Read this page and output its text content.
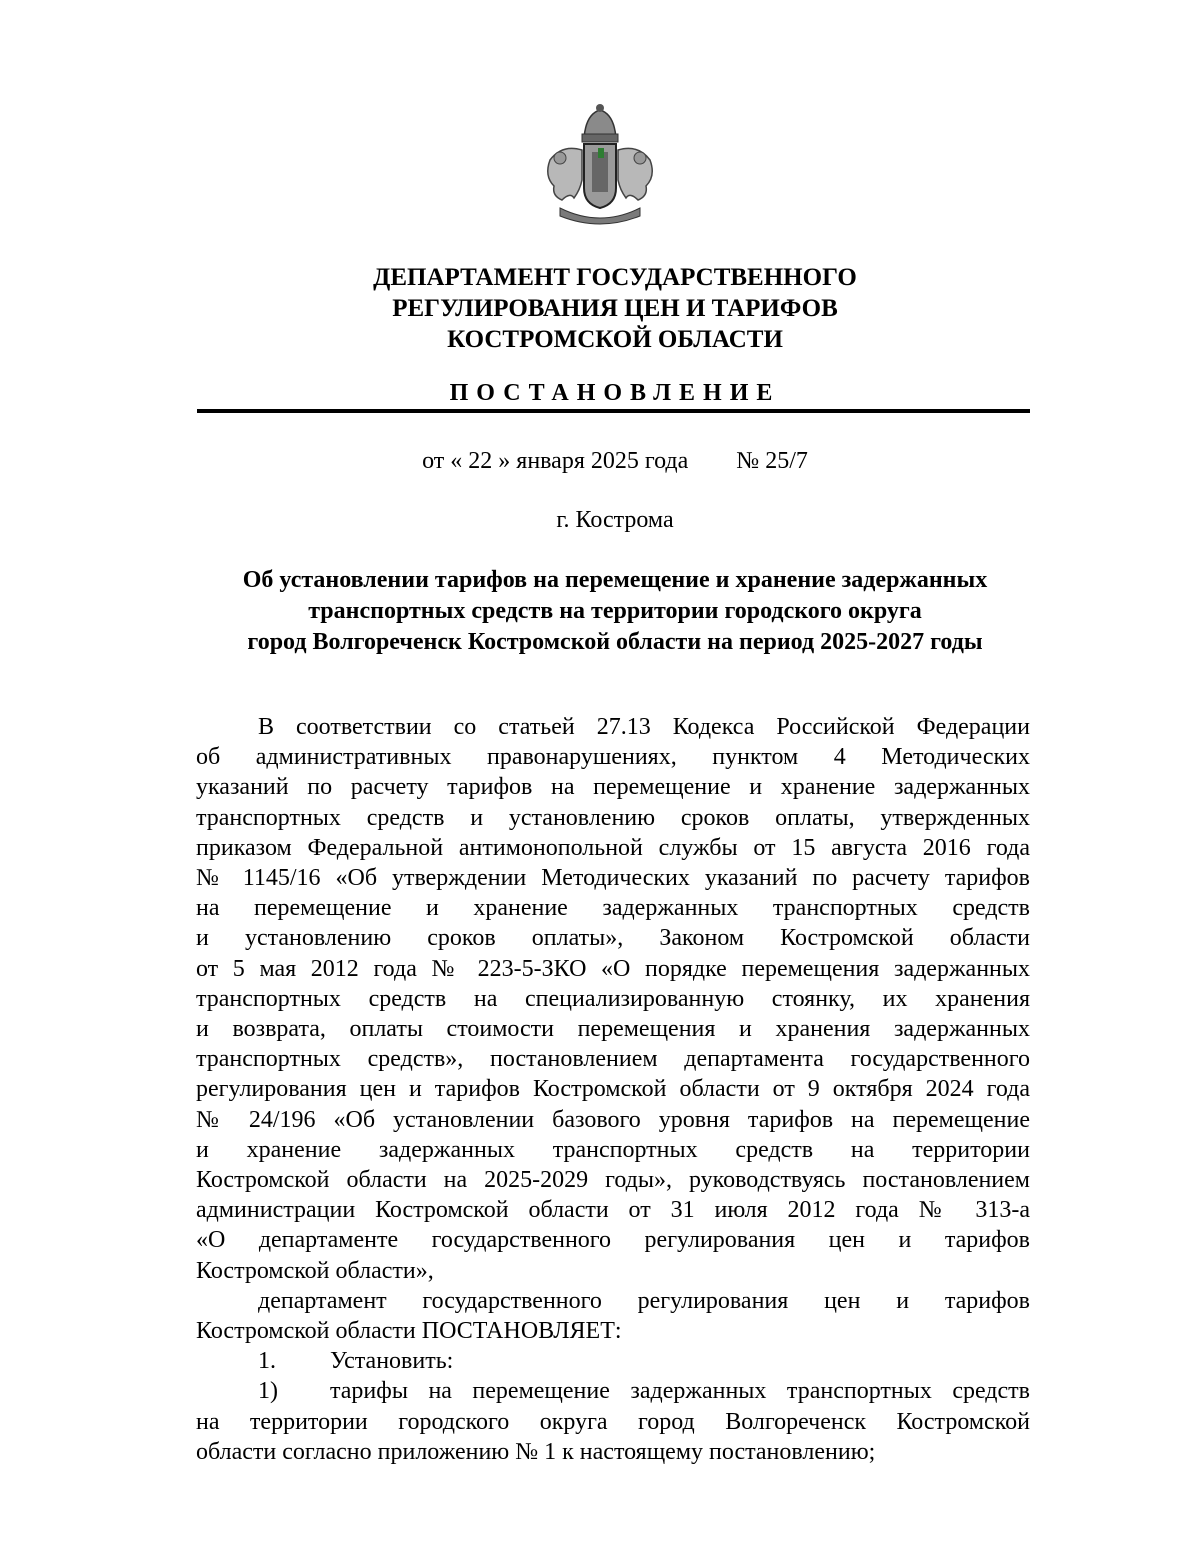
ДЕПАРТАМЕНТ ГОСУДАРСТВЕННОГО
РЕГУЛИРОВАНИЯ ЦЕН И ТАРИФОВ
КОСТРОМСКОЙ ОБЛАСТИ
ПОСТАНОВЛЕНИЕ
от « 22 » января 2025 года № 25/7
г. Кострома
Об установлении тарифов на перемещение и хранение задержанных
транспортных средств на территории городского округа
город Волгореченск Костромской области на период 2025-2027 годы
В соответствии со статьей 27.13 Кодекса Российской Федерации
об административных правонарушениях, пунктом 4 Методических
указаний по расчету тарифов на перемещение и хранение задержанных
транспортных средств и установлению сроков оплаты, утвержденных
приказом Федеральной антимонопольной службы от 15 августа 2016 года
№ 1145/16 «Об утверждении Методических указаний по расчету тарифов
на перемещение и хранение задержанных транспортных средств
и установлению сроков оплаты», Законом Костромской области
от 5 мая 2012 года № 223-5-ЗКО «О порядке перемещения задержанных
транспортных средств на специализированную стоянку, их хранения
и возврата, оплаты стоимости перемещения и хранения задержанных
транспортных средств», постановлением департамента государственного
регулирования цен и тарифов Костромской области от 9 октября 2024 года
№ 24/196 «Об установлении базового уровня тарифов на перемещение
и хранение задержанных транспортных средств на территории
Костромской области на 2025-2029 годы», руководствуясь постановлением
администрации Костромской области от 31 июля 2012 года № 313-а
«О департаменте государственного регулирования цен и тарифов
Костромской области»,
департамент государственного регулирования цен и тарифов
Костромской области ПОСТАНОВЛЯЕТ:
1. Установить:
1) тарифы на перемещение задержанных транспортных средств
на территории городского округа город Волгореченск Костромской
области согласно приложению № 1 к настоящему постановлению;
